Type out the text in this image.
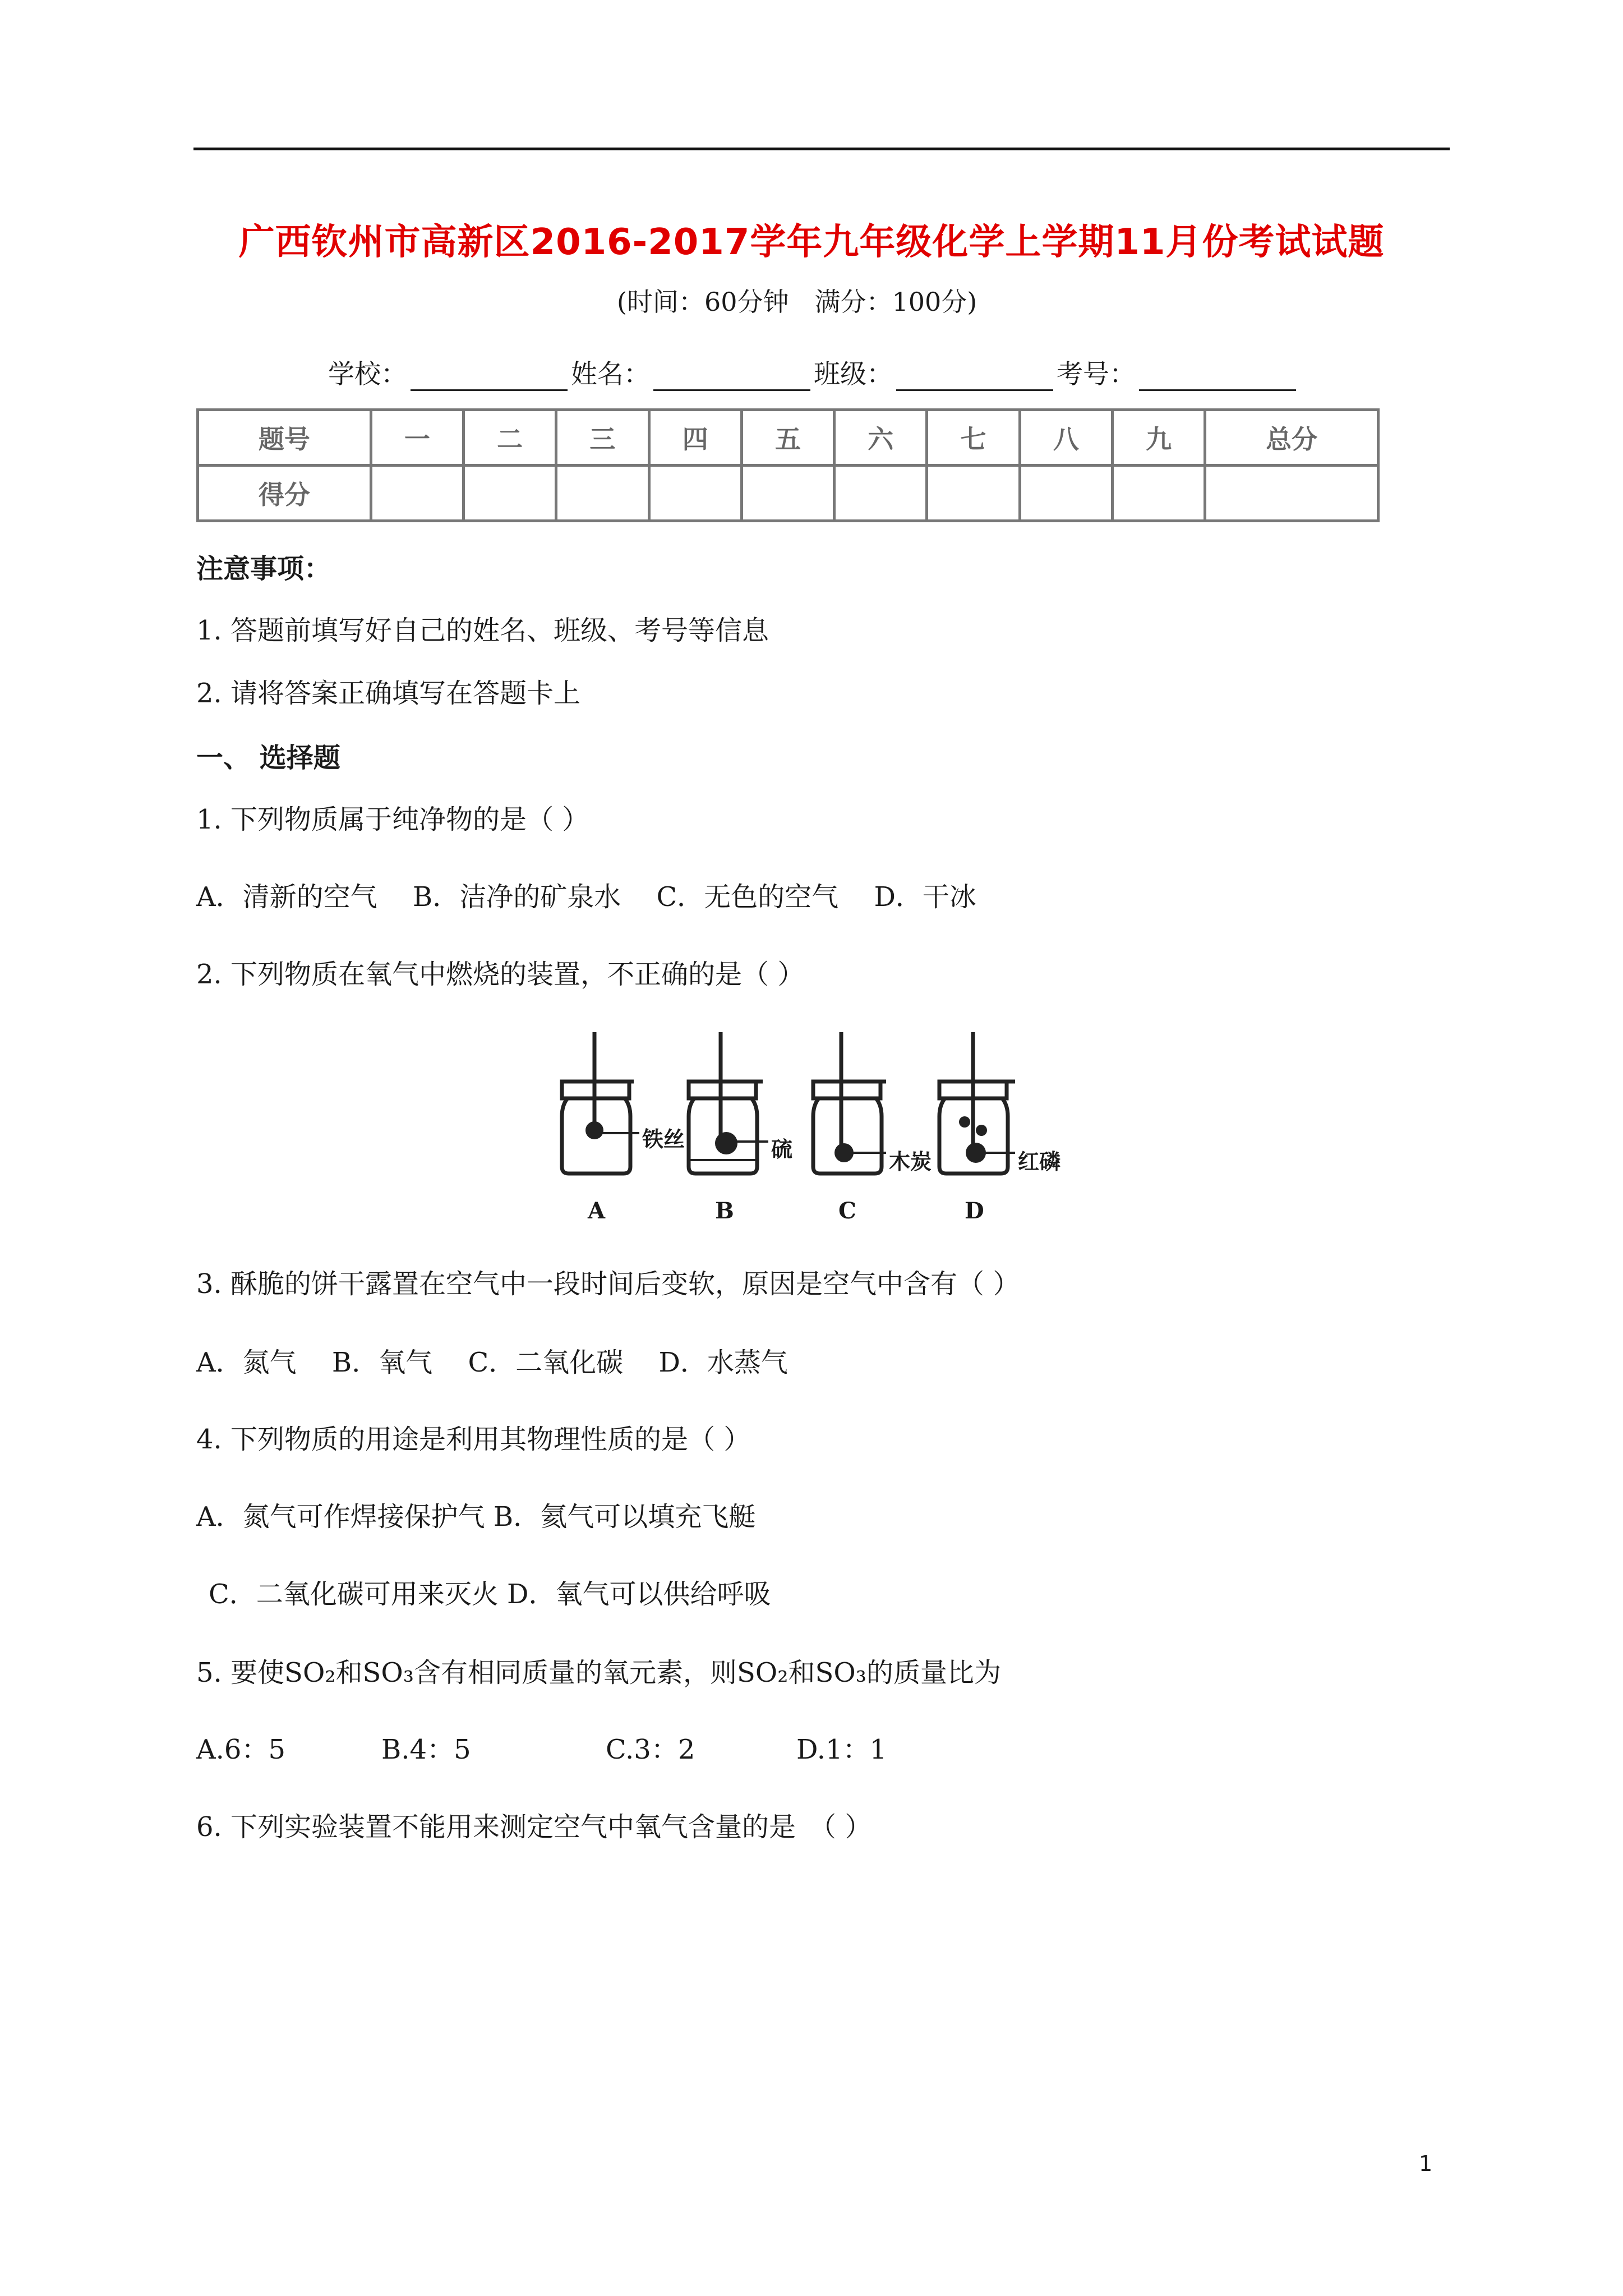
广西钦州市高新区2016-2017学年九年级化学上学期11月份考试试题
(时间：60分钟　满分：100分)
学校：	姓名：	班级：	考号：
题号	一	二	三	四	五	六	七	八	九	总分
得分										
注意事项：
1. 答题前填写好自己的姓名、班级、考号等信息
2. 请将答案正确填写在答题卡上
一、 选择题
1. 下列物质属于纯净物的是（ ）
A．清新的空气　 B．洁净的矿泉水　 C．无色的空气　 D．干冰
2. 下列物质在氧气中燃烧的装置，不正确的是（ ）
铁丝	硫	木炭	红磷
A	B	C	D
3. 酥脆的饼干露置在空气中一段时间后变软，原因是空气中含有（ ）
A．氮气　 B．氧气　 C．二氧化碳　 D．水蒸气
4. 下列物质的用途是利用其物理性质的是（ ）
A．氮气可作焊接保护气 B．氦气可以填充飞艇
C．二氧化碳可用来灭火 D．氧气可以供给呼吸
5. 要使SO₂和SO₃含有相同质量的氧元素，则SO₂和SO₃的质量比为
A.6：5	B.4：5	C.3：2	D.1：1
6. 下列实验装置不能用来测定空气中氧气含量的是　（ ）
1
